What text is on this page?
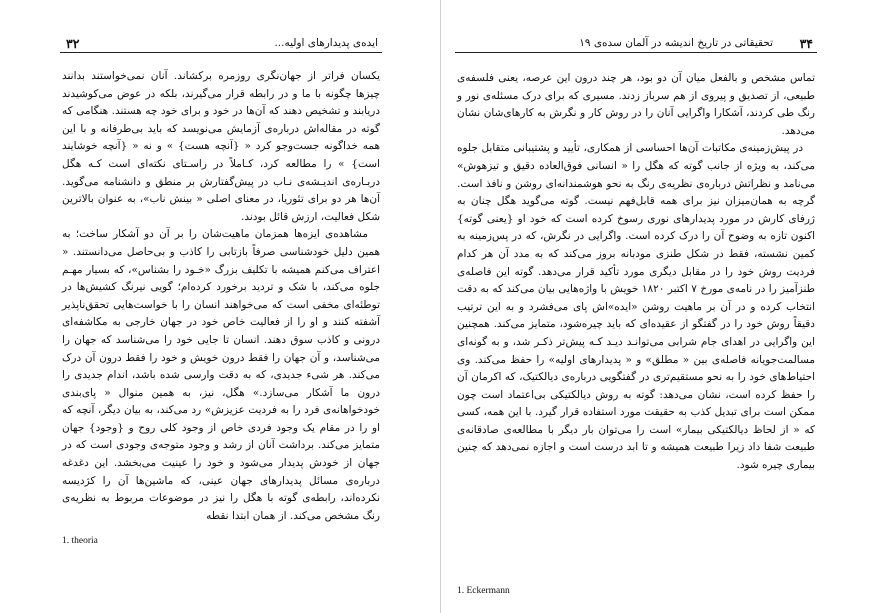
۳۲	ایده‌ی پدیدارهای اولیه...

یکسان فراتر از جهان‌نگری روزمره برکشاند. آنان نمی‌خواستند بدانند چیزها چگونه با ما و در رابطه قرار می‌گیرند، بلکه در عوض می‌کوشیدند دریابند و تشخیص دهند که آن‌ها در خود و برای خود چه هستند. هنگامی که گوته در مقاله‌اش درباره‌ی آزمایش می‌نویسد که باید بی‌طرفانه و با این همه خداگونه جست‌وجو کرد « {آنچه هست} » و نه « {آنچه خوشایند است} » را مطالعه کرد، کـاملاً در راسـتای نکته‌ای است کـه هگل دربـاره‌ی اندیـشه‌ی نـاب در پیش‌گفتارش بر منطق و دانشنامه می‌گوید. آن‌ها هر دو برای تئوریا، در معنای اصلی « بینش ناب»، به عنوان بالاترین شکل فعالیت، ارزش قائل بودند.

مشاهده‌ی ایزه‌ها همزمان ماهیت‌شان را بر آن دو آشکار ساخت؛ به همین دلیل خودشناسی صرفاً بازتابی را کاذب و بی‌حاصل می‌دانستند. « اعتراف می‌کنم همیشه با تکلیف بزرگ «خـود را بشناس»، که بسیار مهـم جلوه می‌کند، با شک و تردید برخورد کرده‌ام؛ گویی نیرنگ کشیش‌ها در توطئه‌ای مخفی است که می‌خواهند انسان را با خواست‌هایی تحقق‌ناپذیر آشفته کنند و او را از فعالیت خاص خود در جهان خارجی به مکاشفه‌ای درونی و کاذب سوق دهند. انسان تا جایی خود را می‌شناسد که جهان را می‌شناسد، و آن جهان را فقط درون خویش و خود را فقط درون آن درک می‌کند. هر شیء جدیدی، که به دقت وارسی شده باشد، اندام جدیدی را درون ما آشکار می‌سازد.» هگل، نیز، به همین منوال « پای‌بندی خودخواهانه‌ی فرد را به فردیت عزیزش» رد می‌کند، به بیان دیگر، آنچه که او را در مقام یک وجود فردی خاص از وجود کلی روح و {وجود} جهان متمایز می‌کند. برداشت آنان از رشد و وجود متوجه‌ی وجودی است که در جهان از خودش پدیدار می‌شود و خود را عینیت می‌بخشد. این دغدغه درباره‌ی مسائل پدیدارهای جهان عینی، که ماشین‌ها آن را کژدیسه نکرده‌اند، رابطه‌ی گوته با هگل را نیز در موضوعات مربوط به نظریه‌ی رنگ مشخص می‌کند. از همان ابتدا نقطه

1. theoria
۳۴
تحقیقاتی در تاریخ اندیشه در آلمان سده‌ی ۱۹

تماس مشخص و بالفعل میان آن دو بود، هر چند درون این عرصه، یعنی فلسفه‌ی طبیعی، از تصدیق و پیروی از هم سرباز زدند. مسیری که برای درک مسئله‌ی نور و رنگ طی کردند، آشکارا واگرایی آنان را در روش کار و نگرش به کارهای‌شان نشان می‌دهد.

در پیش‌زمینه‌ی مکاتبات آن‌ها احساسی از همکاری، تأیید و پشتیبانی متقابل جلوه می‌کند، به ویژه از جانب گوته که هگل را « انسانی فوق‌العاده دقیق و تیزهوش» می‌نامد و نظراتش درباره‌ی نظریه‌ی رنگ به نحو هوشمندانه‌ای روشن و نافذ است. گرچه به همان‌میزان نیز برای همه قابل‌فهم نیست. گوته می‌گوید هگل چنان به ژرفای کارش در مورد پدیدارهای نوری رسوخ کرده است که خود او {یعنی گوته} اکنون تازه به وضوح آن را درک کرده است. واگرایی در نگرش، که در پس‌زمینه به کمین نشسته، فقط در شکل طنزی مودبانه بروز می‌کند که به مدد آن هر کدام فردیت روش خود را در مقابل دیگری مورد تأکید قرار می‌دهد. گوته این فاصله‌ی طنزآمیز را در نامه‌ی مورخ ۷ اکتبر ۱۸۲۰ خویش با واژه‌هایی بیان می‌کند که به دقت انتخاب کرده و در آن بر ماهیت روشن «ایده»اش پای می‌فشرد و به این ترتیب دقیقاً روش خود را در گفتگو از عقیده‌ای که باید چیره‌شود، متمایز می‌کند. همچنین این واگرایی در اهدای جام شرابی می‌توانـد دیـد کـه پیش‌تر ذکـر شد، و به گونه‌ای مسالمت‌جویانه فاصله‌ی بین « مطلق» و « پدیدارهای اولیه» را حفظ می‌کند. وی احتیاط‌های خود را به نحو مستقیم‌تری در گفتگویی درباره‌ی دیالکتیک، که اکرمان آن را حفظ کرده است، نشان می‌دهد: گوته به روش دیالکتیکی بی‌اعتماد است چون ممکن است برای تبدیل کذب به حقیقت مورد استفاده قرار گیرد. با این همه، کسی که « از لحاظ دیالکتیکی بیمار» است را می‌توان بار دیگر با مطالعه‌ی صادقانه‌ی طبیعت شفا داد زیرا طبیعت همیشه و تا ابد درست است و اجازه نمی‌دهد که چنین بیماری چیره شود.

1. Eckermann
